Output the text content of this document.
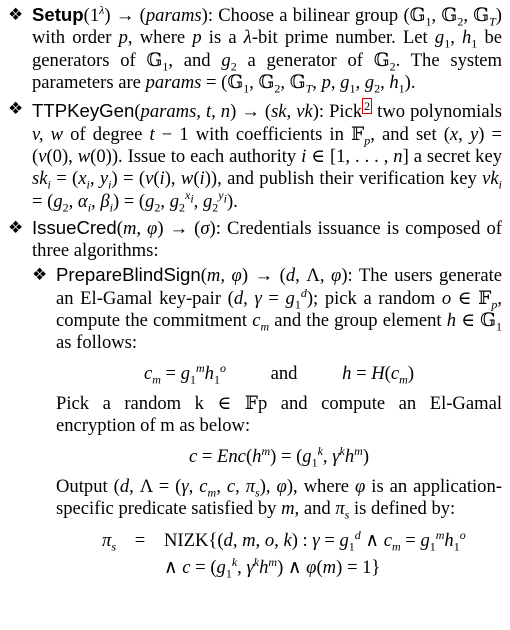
❖ $Setup(1^\lambda)$ → (params): Choose a bilinear group (𝔾$_1$, 𝔾$_2$, 𝔾$_T$) with order p, where p is a λ-bit prime number. Let $g_1$, $h_1$ be generators of 𝔾$_1$, and $g_2$ a generator of 𝔾$_2$. The system parameters are params = (𝔾$_1$, 𝔾$_2$, 𝔾$_T$, p, $g_1$, $g_2$, $h_1$).
❖ TTPKeyGen(params, t, n) → (sk, vk): Pick 2 two polynomials v, w of degree t − 1 with coefficients in 𝔽$_p$, and set (x, y) = (v(0), w(0)). Issue to each authority i ∈ [1, . . . , n] a secret key $sk_i = (x_i$, $y_i) = (v(i)$, w(i)), and publish their verification key $vk_i = (g_2$, $\alpha_i$, $\beta_i) = (g_2$, $g_2^{x_i}$, $g_2^{y_i}$).
❖ IssueCred(m, φ) → (σ): Credentials issuance is composed of three algorithms:
❖ PrepareBlindSign(m, φ) → (d, Λ, φ): The users generate an El-Gamal key-pair (d, $\gamma = g_1^d$); pick a random o ∈ 𝔽$_p$, compute the commitment $c_m$ and the group element h ∈ 𝔾$_1$ as follows:
$c_m = g_1^mh_1^o$ and $h = H(c_m)$
Pick a random k ∈ 𝔽p and compute an El-Gamal encryption of m as below:
$c = Enc(h^m) = (g_1^k$, $\gamma^kh^m$)
Output (d, Λ = (γ, $c_m$, c, $\pi_s$), φ), where φ is an application-specific predicate satisfied by m, and $\pi_s$ is defined by:
$\pi_s$	=	NIZK{(d, m, o, k) : $\gamma = g_1^d$ ∧ $c_m = g_1^mh_1^o$
∧ $c = (g_1^k$, $\gamma^kh^m$) ∧ φ(m) = 1}
